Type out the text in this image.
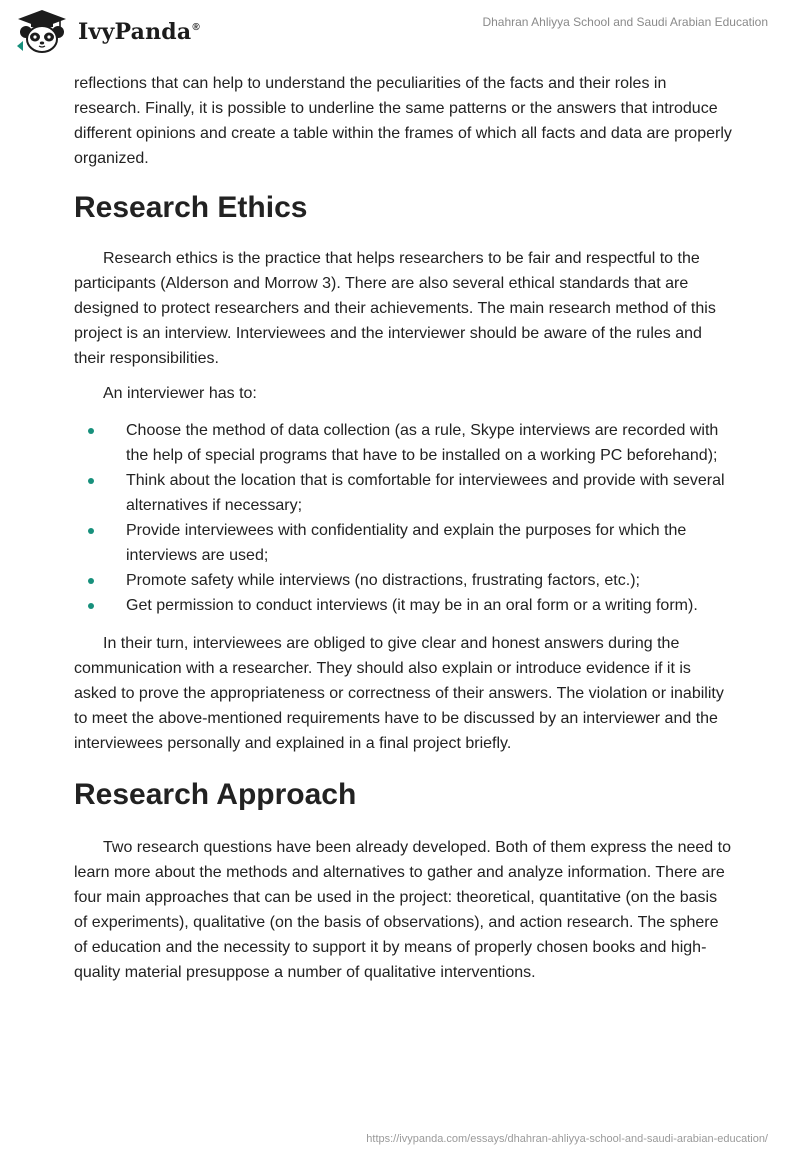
IvyPanda®	Dhahran Ahliyya School and Saudi Arabian Education

reflections that can help to understand the peculiarities of the facts and their roles in research. Finally, it is possible to underline the same patterns or the answers that introduce different opinions and create a table within the frames of which all facts and data are properly organized.

Research Ethics

Research ethics is the practice that helps researchers to be fair and respectful to the participants (Alderson and Morrow 3). There are also several ethical standards that are designed to protect researchers and their achievements. The main research method of this project is an interview. Interviewees and the interviewer should be aware of the rules and their responsibilities.

An interviewer has to:

Choose the method of data collection (as a rule, Skype interviews are recorded with the help of special programs that have to be installed on a working PC beforehand);
Think about the location that is comfortable for interviewees and provide with several alternatives if necessary;
Provide interviewees with confidentiality and explain the purposes for which the interviews are used;
Promote safety while interviews (no distractions, frustrating factors, etc.);
Get permission to conduct interviews (it may be in an oral form or a writing form).

In their turn, interviewees are obliged to give clear and honest answers during the communication with a researcher. They should also explain or introduce evidence if it is asked to prove the appropriateness or correctness of their answers. The violation or inability to meet the above-mentioned requirements have to be discussed by an interviewer and the interviewees personally and explained in a final project briefly.

Research Approach

Two research questions have been already developed. Both of them express the need to learn more about the methods and alternatives to gather and analyze information. There are four main approaches that can be used in the project: theoretical, quantitative (on the basis of experiments), qualitative (on the basis of observations), and action research. The sphere of education and the necessity to support it by means of properly chosen books and high-quality material presuppose a number of qualitative interventions.

https://ivypanda.com/essays/dhahran-ahliyya-school-and-saudi-arabian-education/
